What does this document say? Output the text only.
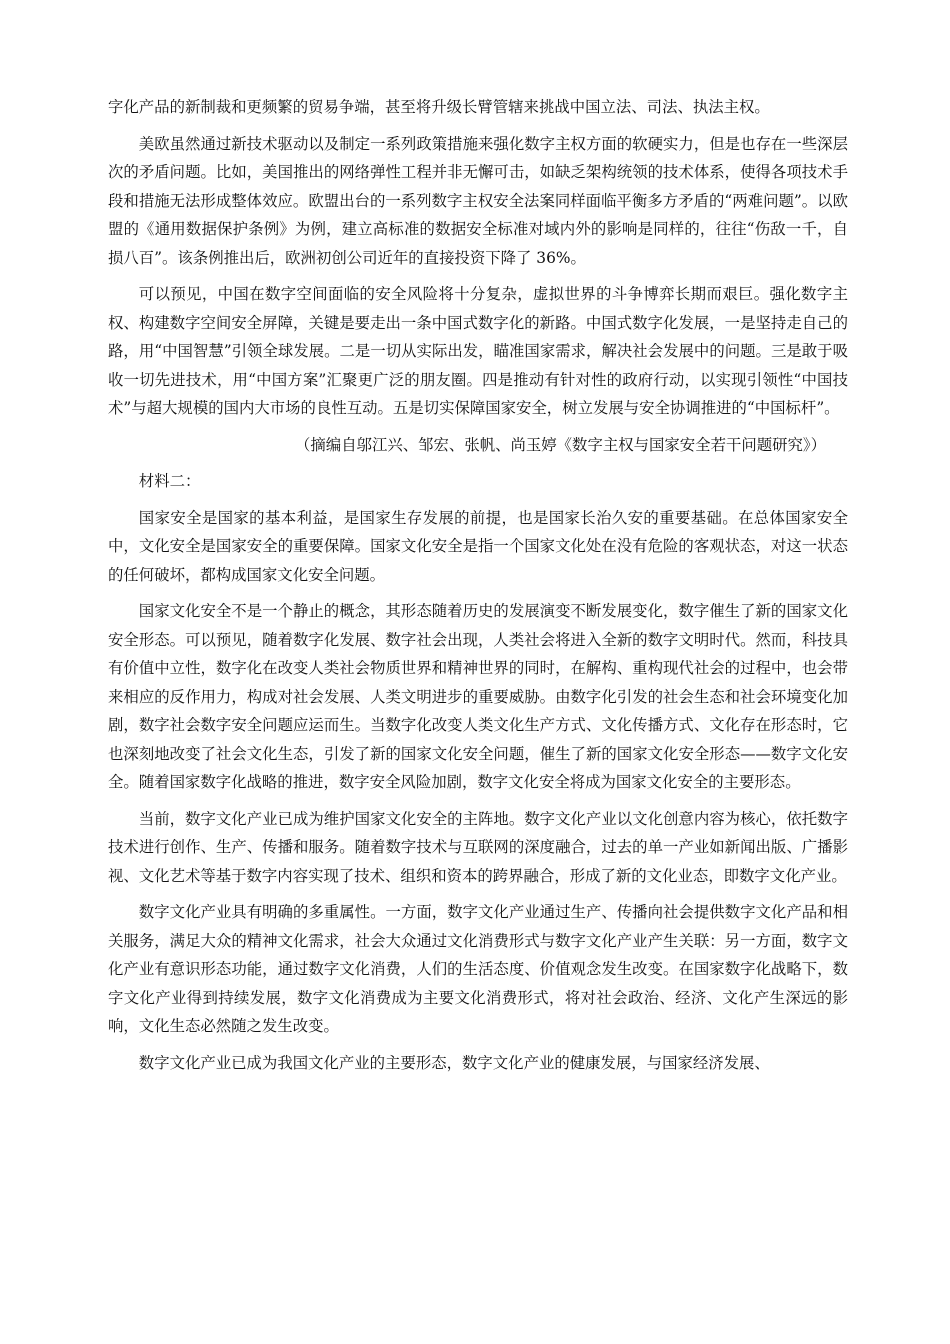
字化产品的新制裁和更频繁的贸易争端，甚至将升级长臂管辖来挑战中国立法、司法、执法主权。

美欧虽然通过新技术驱动以及制定一系列政策措施来强化数字主权方面的软硬实力，但是也存在一些深层次的矛盾问题。比如，美国推出的网络弹性工程并非无懈可击，如缺乏架构统领的技术体系，使得各项技术手段和措施无法形成整体效应。欧盟出台的一系列数字主权安全法案同样面临平衡多方矛盾的“两难问题”。以欧盟的《通用数据保护条例》为例，建立高标准的数据安全标准对域内外的影响是同样的，往往“伤敌一千，自损八百”。该条例推出后，欧洲初创公司近年的直接投资下降了 36%。

可以预见，中国在数字空间面临的安全风险将十分复杂，虚拟世界的斗争博弈长期而艰巨。强化数字主权、构建数字空间安全屏障，关键是要走出一条中国式数字化的新路。中国式数字化发展，一是坚持走自己的路，用“中国智慧”引领全球发展。二是一切从实际出发，瞄准国家需求，解决社会发展中的问题。三是敢于吸收一切先进技术，用“中国方案”汇聚更广泛的朋友圈。四是推动有针对性的政府行动，以实现引领性“中国技术”与超大规模的国内大市场的良性互动。五是切实保障国家安全，树立发展与安全协调推进的“中国标杆”。

（摘编自邬江兴、邹宏、张帆、尚玉婷《数字主权与国家安全若干问题研究》）

材料二：

国家安全是国家的基本利益，是国家生存发展的前提，也是国家长治久安的重要基础。在总体国家安全中，文化安全是国家安全的重要保障。国家文化安全是指一个国家文化处在没有危险的客观状态，对这一状态的任何破坏，都构成国家文化安全问题。

国家文化安全不是一个静止的概念，其形态随着历史的发展演变不断发展变化，数字催生了新的国家文化安全形态。可以预见，随着数字化发展、数字社会出现，人类社会将进入全新的数字文明时代。然而，科技具有价值中立性，数字化在改变人类社会物质世界和精神世界的同时，在解构、重构现代社会的过程中，也会带来相应的反作用力，构成对社会发展、人类文明进步的重要威胁。由数字化引发的社会生态和社会环境变化加剧，数字社会数字安全问题应运而生。当数字化改变人类文化生产方式、文化传播方式、文化存在形态时，它也深刻地改变了社会文化生态，引发了新的国家文化安全问题，催生了新的国家文化安全形态——数字文化安全。随着国家数字化战略的推进，数字安全风险加剧，数字文化安全将成为国家文化安全的主要形态。

当前，数字文化产业已成为维护国家文化安全的主阵地。数字文化产业以文化创意内容为核心，依托数字技术进行创作、生产、传播和服务。随着数字技术与互联网的深度融合，过去的单一产业如新闻出版、广播影视、文化艺术等基于数字内容实现了技术、组织和资本的跨界融合，形成了新的文化业态，即数字文化产业。

数字文化产业具有明确的多重属性。一方面，数字文化产业通过生产、传播向社会提供数字文化产品和相关服务，满足大众的精神文化需求，社会大众通过文化消费形式与数字文化产业产生关联：另一方面，数字文化产业有意识形态功能，通过数字文化消费，人们的生活态度、价值观念发生改变。在国家数字化战略下，数字文化产业得到持续发展，数字文化消费成为主要文化消费形式，将对社会政治、经济、文化产生深远的影响，文化生态必然随之发生改变。

数字文化产业已成为我国文化产业的主要形态，数字文化产业的健康发展，与国家经济发展、
